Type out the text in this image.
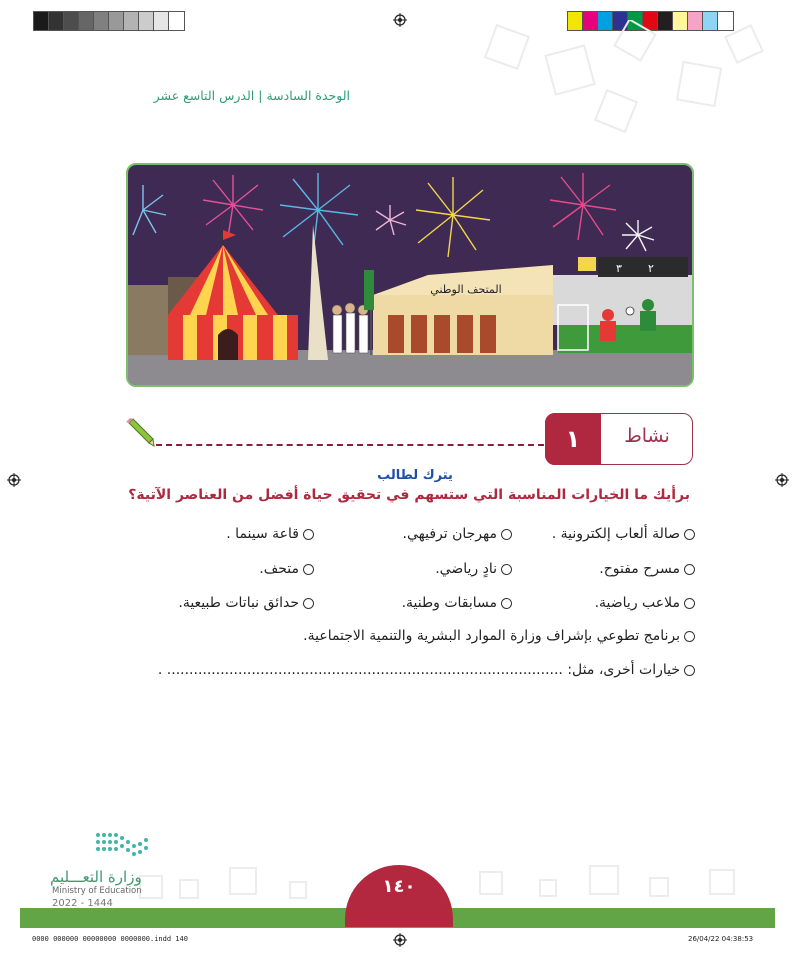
الوحدة السادسة|الدرس التاسع عشر
المتحف الوطني
٣ ٢
١	نشاط
يترك لطالب
برأيك ما الخيارات المناسبة التي ستسهم في تحقيق حياة أفضل من العناصر الآتية؟
صالة ألعاب إلكترونية .
مهرجان ترفيهي.
قاعة سينما .
مسرح مفتوح.
نادٍ رياضي.
متحف.
ملاعب رياضية.
مسابقات وطنية.
حدائق نباتات طبيعية.
برنامج تطوعي بإشراف وزارة الموارد البشرية والتنمية الاجتماعية.
خيارات أخرى، مثل: ......................................................................................... .
١٤٠
وزارة التعـــليم
Ministry of Education
2022 - 1444
0000 000000 00000000 0000000.indd 140	26/04/22 04:38:53
